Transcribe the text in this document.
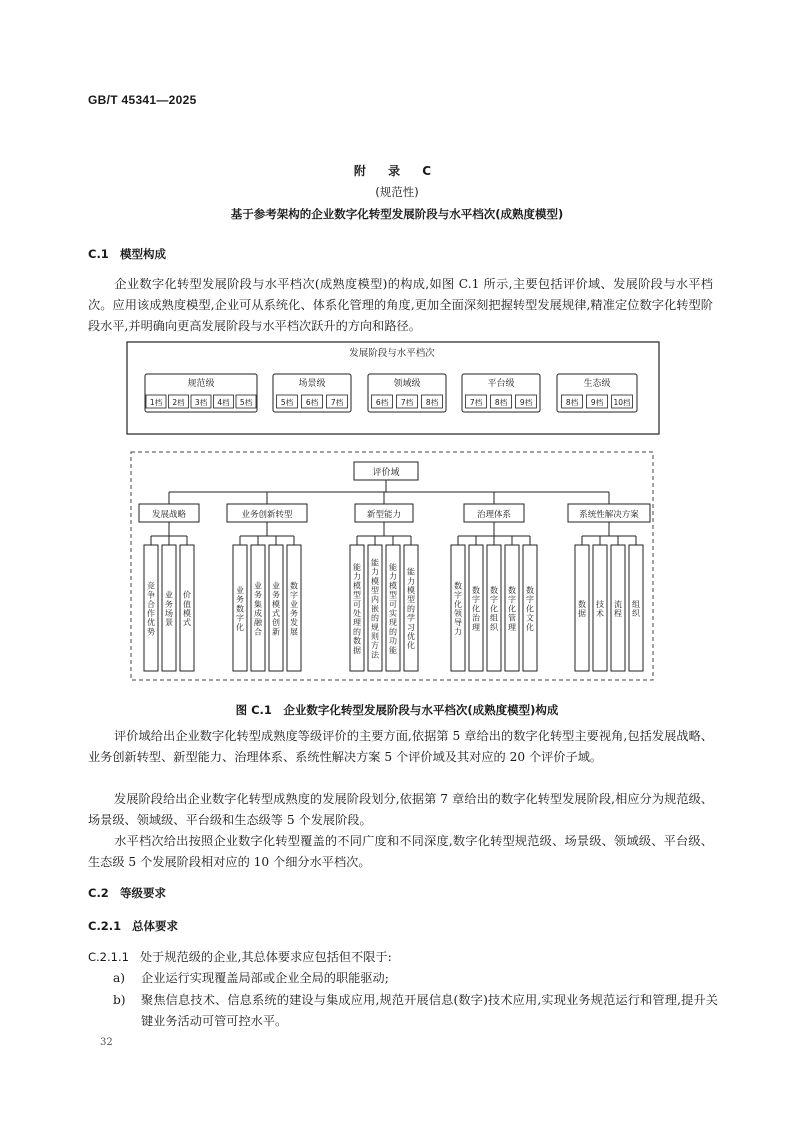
GB/T 45341—2025
附 录 C
(规范性)
基于参考架构的企业数字化转型发展阶段与水平档次(成熟度模型)
C.1 模型构成
企业数字化转型发展阶段与水平档次(成熟度模型)的构成,如图 C.1 所示,主要包括评价域、发展阶段与水平档次。应用该成熟度模型,企业可从系统化、体系化管理的角度,更加全面深刻把握转型发展规律,精准定位数字化转型阶段水平,并明确向更高发展阶段与水平档次跃升的方向和路径。
发展阶段与水平档次
规范级
1档 2档 3档 4档 5档
场景级
5档 6档 7档
领域级
6档 7档 8档
平台级
7档 8档 9档
生态级
8档 9档 10档
评价域
发展战略
竞争合作优势
业务场景
价值模式
业务创新转型
业务数字化
业务集成融合
业务模式创新
数字业务发展
新型能力
能力模型可处理的数据
能力模型内嵌的规则方法
能力模型可实现的功能
能力模型的学习优化
治理体系
数字化领导力
数字化治理
数字化组织
数字化管理
数字化文化
系统性解决方案
数据
技术
流程
组织
图 C.1　企业数字化转型发展阶段与水平档次(成熟度模型)构成
评价域给出企业数字化转型成熟度等级评价的主要方面,依据第 5 章给出的数字化转型主要视角,包括发展战略、业务创新转型、新型能力、治理体系、系统性解决方案 5 个评价域及其对应的 20 个评价子域。
发展阶段给出企业数字化转型成熟度的发展阶段划分,依据第 7 章给出的数字化转型发展阶段,相应分为规范级、场景级、领域级、平台级和生态级等 5 个发展阶段。
水平档次给出按照企业数字化转型覆盖的不同广度和不同深度,数字化转型规范级、场景级、领域级、平台级、生态级 5 个发展阶段相对应的 10 个细分水平档次。
C.2 等级要求
C.2.1 总体要求
C.2.1.1 处于规范级的企业,其总体要求应包括但不限于:
a) 企业运行实现覆盖局部或企业全局的职能驱动;
b)	聚焦信息技术、信息系统的建设与集成应用,规范开展信息(数字)技术应用,实现业务规范运行和管理,提升关键业务活动可管可控水平。
32
